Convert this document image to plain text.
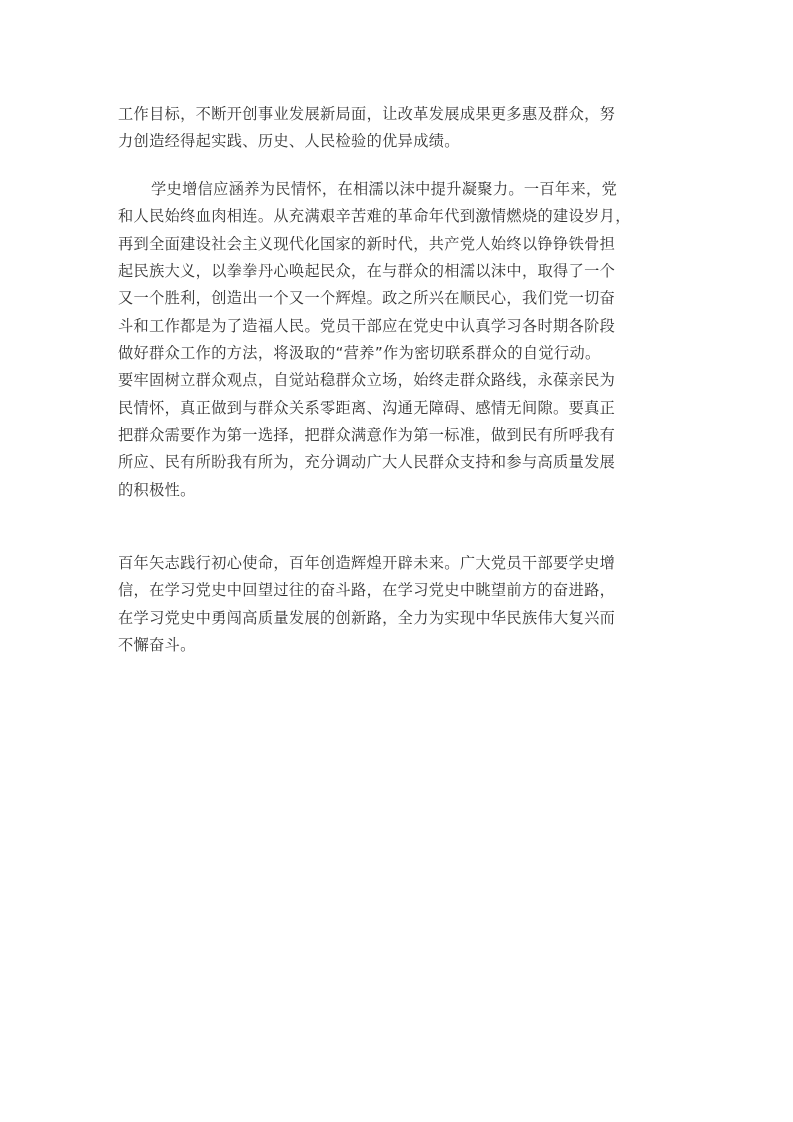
工作目标，不断开创事业发展新局面，让改革发展成果更多惠及群众，努
力创造经得起实践、历史、人民检验的优异成绩。
学史增信应涵养为民情怀，在相濡以沫中提升凝聚力。一百年来，党
和人民始终血肉相连。从充满艰辛苦难的革命年代到激情燃烧的建设岁月，
再到全面建设社会主义现代化国家的新时代，共产党人始终以铮铮铁骨担
起民族大义，以拳拳丹心唤起民众，在与群众的相濡以沫中，取得了一个
又一个胜利，创造出一个又一个辉煌。政之所兴在顺民心，我们党一切奋
斗和工作都是为了造福人民。党员干部应在党史中认真学习各时期各阶段
做好群众工作的方法，将汲取的“营养”作为密切联系群众的自觉行动。
要牢固树立群众观点，自觉站稳群众立场，始终走群众路线，永葆亲民为
民情怀，真正做到与群众关系零距离、沟通无障碍、感情无间隙。要真正
把群众需要作为第一选择，把群众满意作为第一标准，做到民有所呼我有
所应、民有所盼我有所为，充分调动广大人民群众支持和参与高质量发展
的积极性。
百年矢志践行初心使命，百年创造辉煌开辟未来。广大党员干部要学史增
信，在学习党史中回望过往的奋斗路，在学习党史中眺望前方的奋进路，
在学习党史中勇闯高质量发展的创新路，全力为实现中华民族伟大复兴而
不懈奋斗。
